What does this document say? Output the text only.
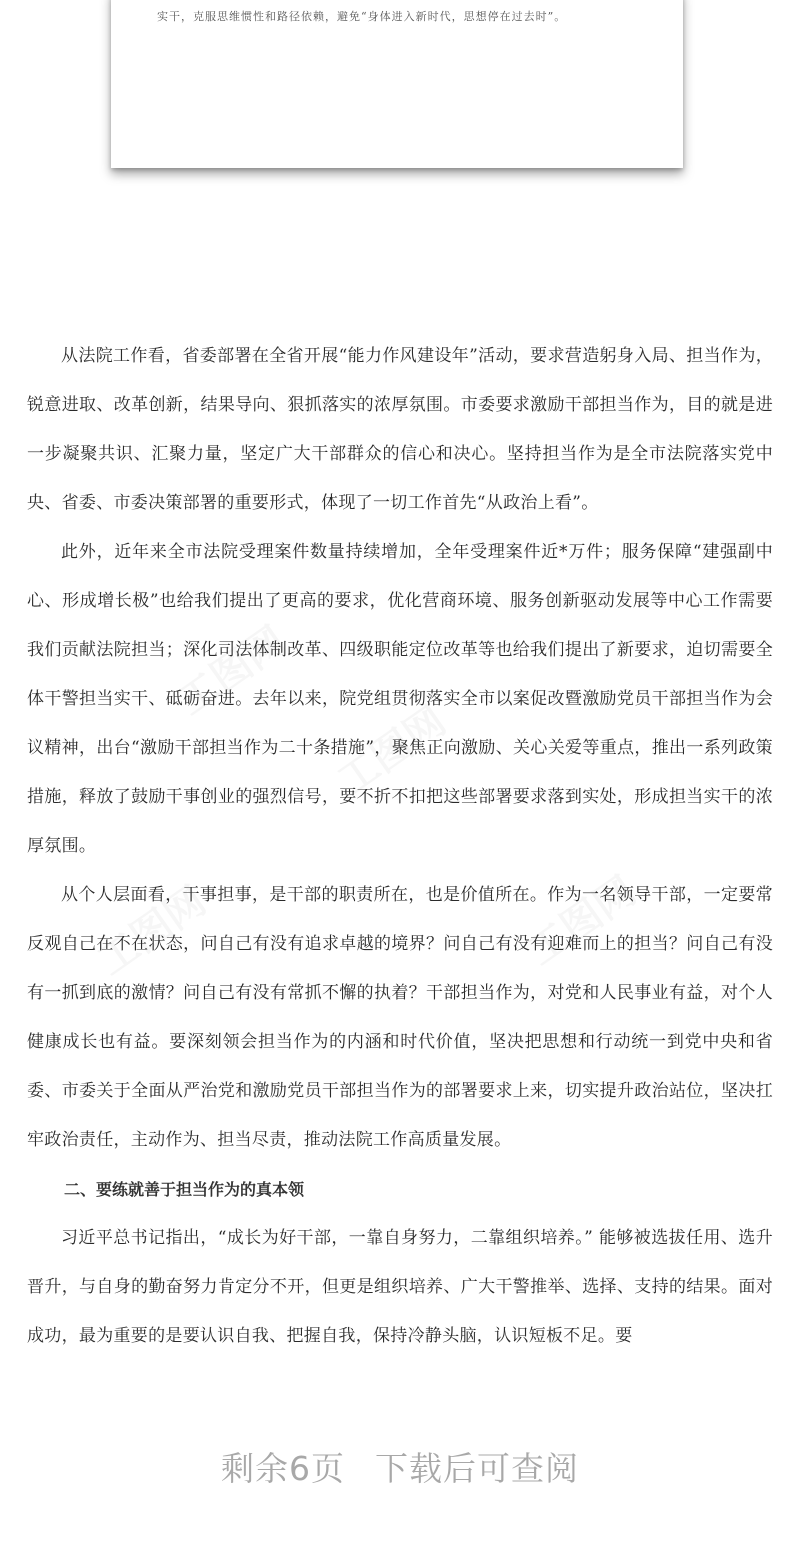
实干，克服思维惯性和路径依赖，避免“身体进入新时代，思想停在过去时”。

从法院工作看，省委部署在全省开展“能力作风建设年”活动，要求营造躬身入局、担当作为，锐意进取、改革创新，结果导向、狠抓落实的浓厚氛围。市委要求激励干部担当作为，目的就是进一步凝聚共识、汇聚力量，坚定广大干部群众的信心和决心。坚持担当作为是全市法院落实党中央、省委、市委决策部署的重要形式，体现了一切工作首先“从政治上看”。

此外，近年来全市法院受理案件数量持续增加，全年受理案件近*万件；服务保障“建强副中心、形成增长极”也给我们提出了更高的要求，优化营商环境、服务创新驱动发展等中心工作需要我们贡献法院担当；深化司法体制改革、四级职能定位改革等也给我们提出了新要求，迫切需要全体干警担当实干、砥砺奋进。去年以来，院党组贯彻落实全市以案促改暨激励党员干部担当作为会议精神，出台“激励干部担当作为二十条措施”，聚焦正向激励、关心关爱等重点，推出一系列政策措施，释放了鼓励干事创业的强烈信号，要不折不扣把这些部署要求落到实处，形成担当实干的浓厚氛围。

从个人层面看，干事担事，是干部的职责所在，也是价值所在。作为一名领导干部，一定要常反观自己在不在状态，问自己有没有追求卓越的境界？问自己有没有迎难而上的担当？问自己有没有一抓到底的激情？问自己有没有常抓不懈的执着？干部担当作为，对党和人民事业有益，对个人健康成长也有益。要深刻领会担当作为的内涵和时代价值，坚决把思想和行动统一到党中央和省委、市委关于全面从严治党和激励党员干部担当作为的部署要求上来，切实提升政治站位，坚决扛牢政治责任，主动作为、担当尽责，推动法院工作高质量发展。

二、要练就善于担当作为的真本领

习近平总书记指出，“成长为好干部，一靠自身努力，二靠组织培养。” 能够被选拔任用、选升晋升，与自身的勤奋努力肯定分不开，但更是组织培养、广大干警推举、选择、支持的结果。面对成功，最为重要的是要认识自我、把握自我，保持冷静头脑，认识短板不足。要

剩余6页 下载后可查阅
